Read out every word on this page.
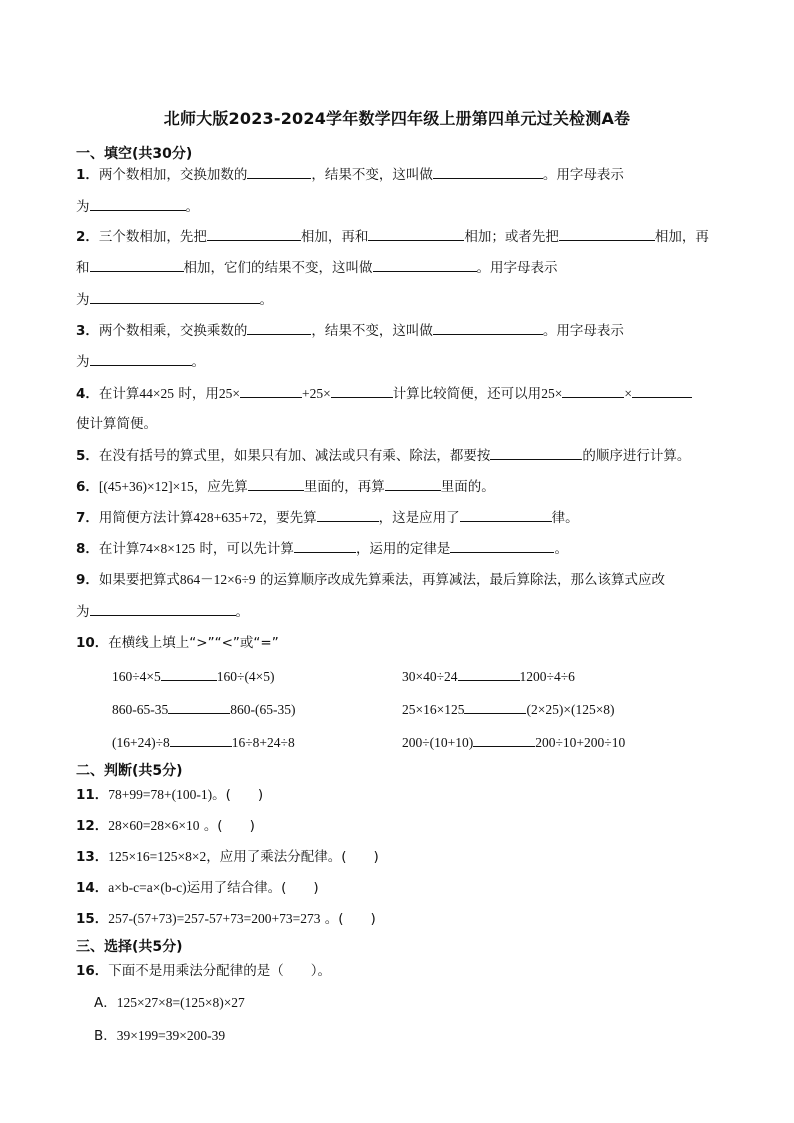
北师大版2023-2024学年数学四年级上册第四单元过关检测A卷
一、填空(共30分)
1．两个数相加，交换加数的	，结果不变，这叫做	。用字母表示
为	。
2．三个数相加，先把	相加，再和	相加；或者先把	相加，再
和	相加，它们的结果不变，这叫做	。用字母表示
为	。
3．两个数相乘，交换乘数的	，结果不变，这叫做	。用字母表示
为	。
4．在计算44×25 时，用25×	+25×	计算比较简便，还可以用25×	×
使计算简便。
5．在没有括号的算式里，如果只有加、减法或只有乘、除法，都要按	的顺序进行计算。
6．[(45+36)×12]×15，应先算	里面的，再算	里面的。
7．用简便方法计算428+635+72，要先算	，这是应用了	律。
8．在计算74×8×125 时，可以先计算	，运用的定律是	。
9．如果要把算式864－12×6÷9 的运算顺序改成先算乘法，再算减法，最后算除法，那么该算式应改
为	。
10．在横线上填上“>”“<”或“=”
160÷4×5	160÷(4×5)	30×40÷24	1200÷4÷6
860-65-35	860-(65-35)	25×16×125	(2×25)×(125×8)
(16+24)÷8	16÷8+24÷8	200÷(10+10)	200÷10+200÷10
二、判断(共5分)
11．78+99=78+(100-1)。(　　)
12．28×60=28×6×10 。(　　)
13．125×16=125×8×2，应用了乘法分配律。(　　)
14．a×b-c=a×(b-c)运用了结合律。(　　)
15．257-(57+73)=257-57+73=200+73=273 。(　　)
三、选择(共5分)
16．下面不是用乘法分配律的是（　　）。
A．125×27×8=(125×8)×27
B．39×199=39×200-39
